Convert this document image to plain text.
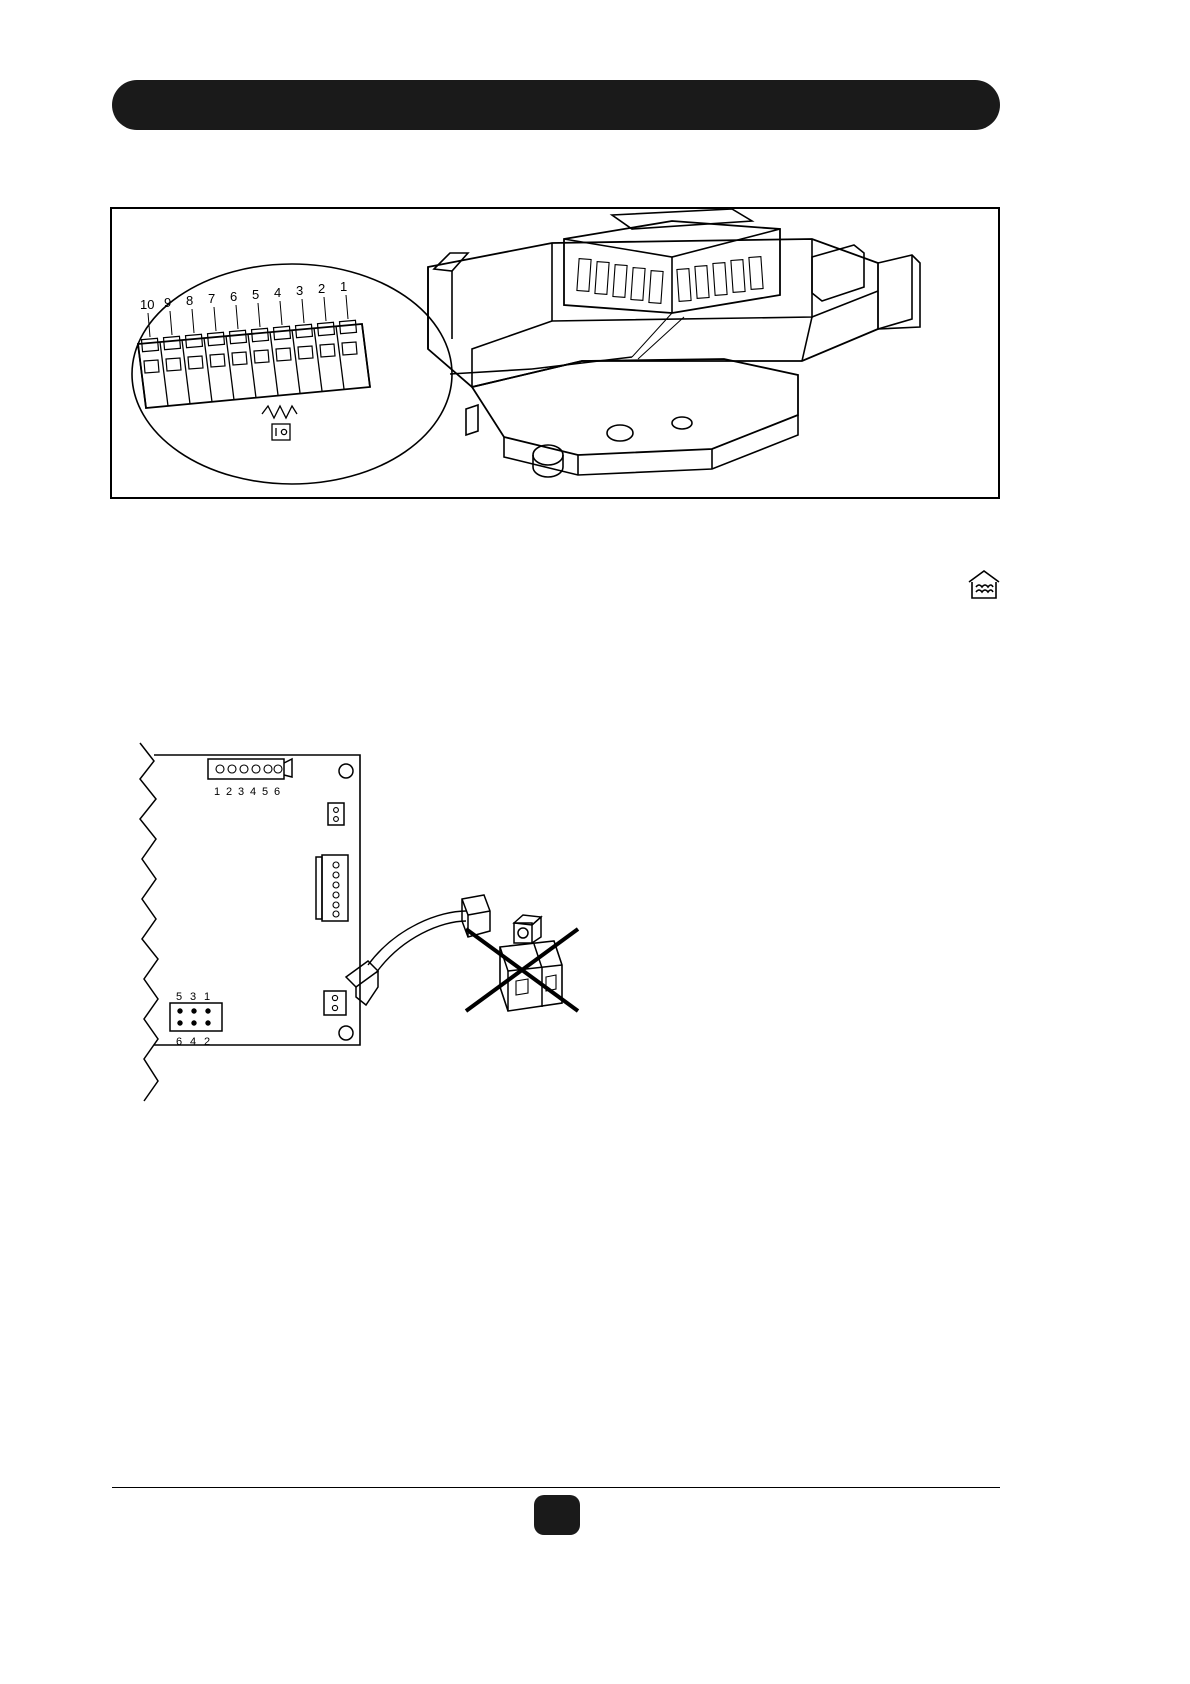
10 9 8 7 6 5 4 3 2 1
1 2 3 4 5 6
5 3 1
6 4 2
